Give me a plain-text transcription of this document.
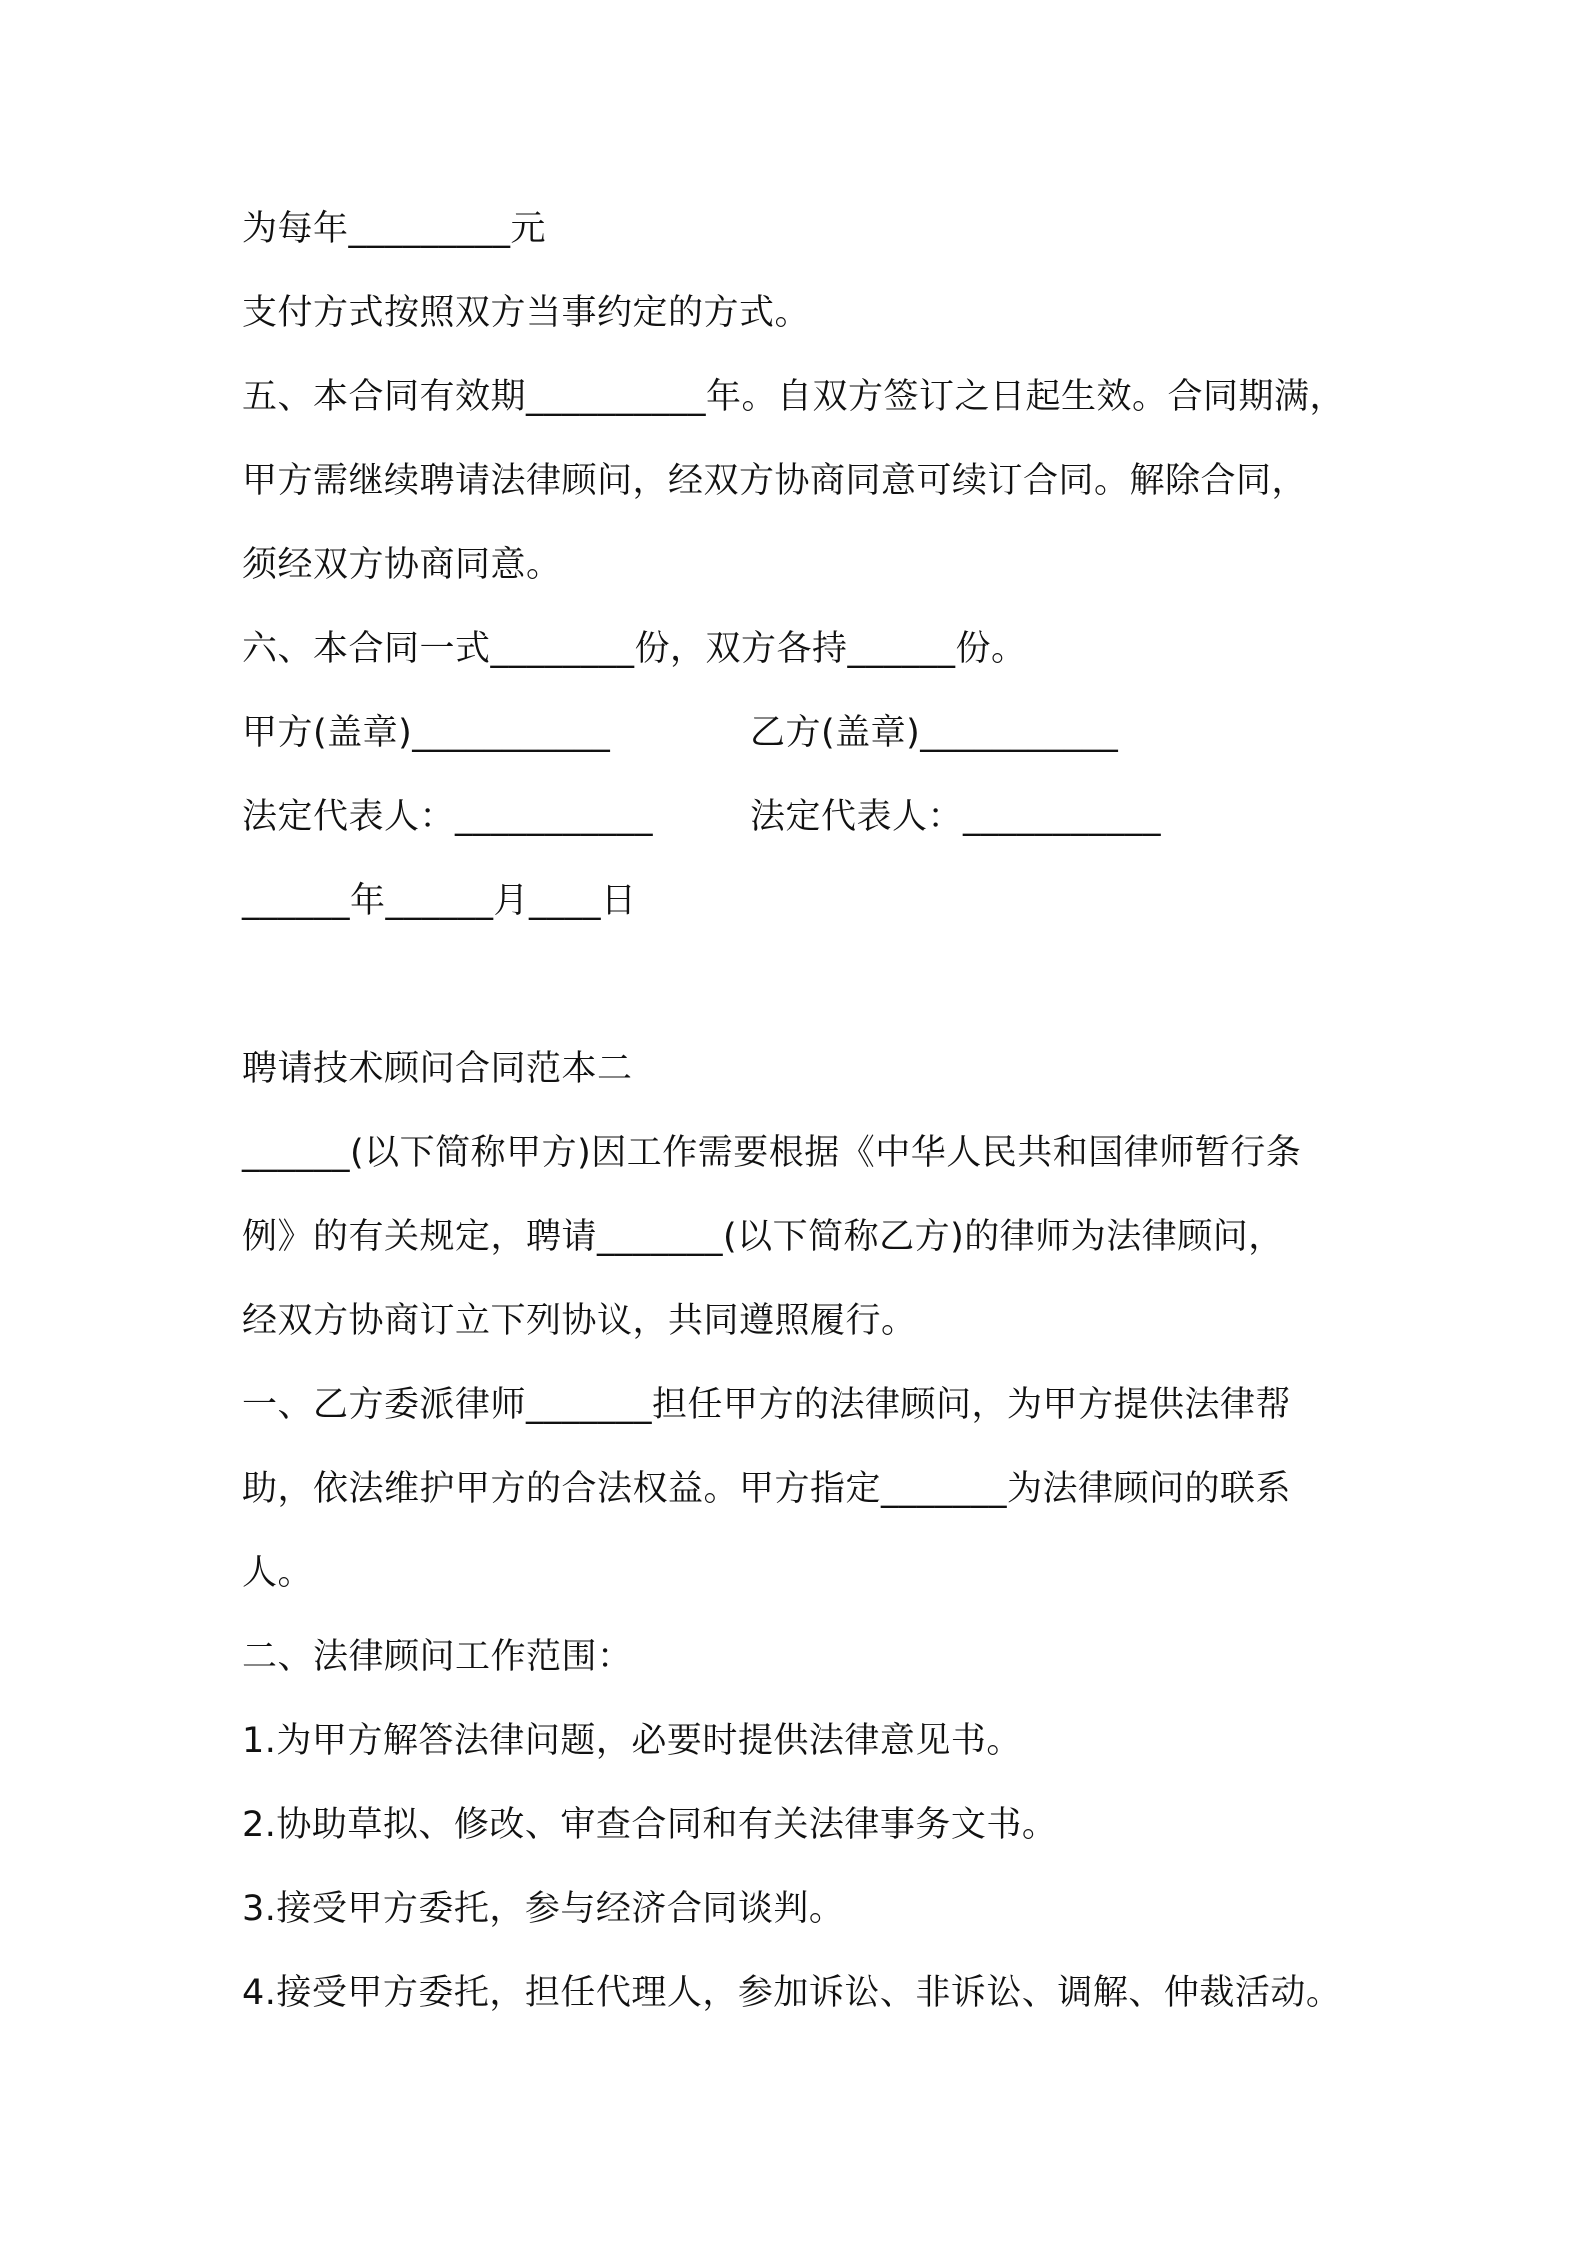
为每年_________元
支付方式按照双方当事约定的方式。
五、本合同有效期__________年。自双方签订之日起生效。合同期满，
甲方需继续聘请法律顾问，经双方协商同意可续订合同。解除合同，
须经双方协商同意。
六、本合同一式________份，双方各持______份。
甲方(盖章)___________	乙方(盖章)___________
法定代表人：___________	法定代表人：___________
______年______月____日
聘请技术顾问合同范本二
______(以下简称甲方)因工作需要根据《中华人民共和国律师暂行条
例》的有关规定，聘请_______(以下简称乙方)的律师为法律顾问，
经双方协商订立下列协议，共同遵照履行。
一、乙方委派律师_______担任甲方的法律顾问，为甲方提供法律帮
助，依法维护甲方的合法权益。甲方指定_______为法律顾问的联系
人。
二、法律顾问工作范围：
1.为甲方解答法律问题，必要时提供法律意见书。
2.协助草拟、修改、审查合同和有关法律事务文书。
3.接受甲方委托，参与经济合同谈判。
4.接受甲方委托，担任代理人，参加诉讼、非诉讼、调解、仲裁活动。
